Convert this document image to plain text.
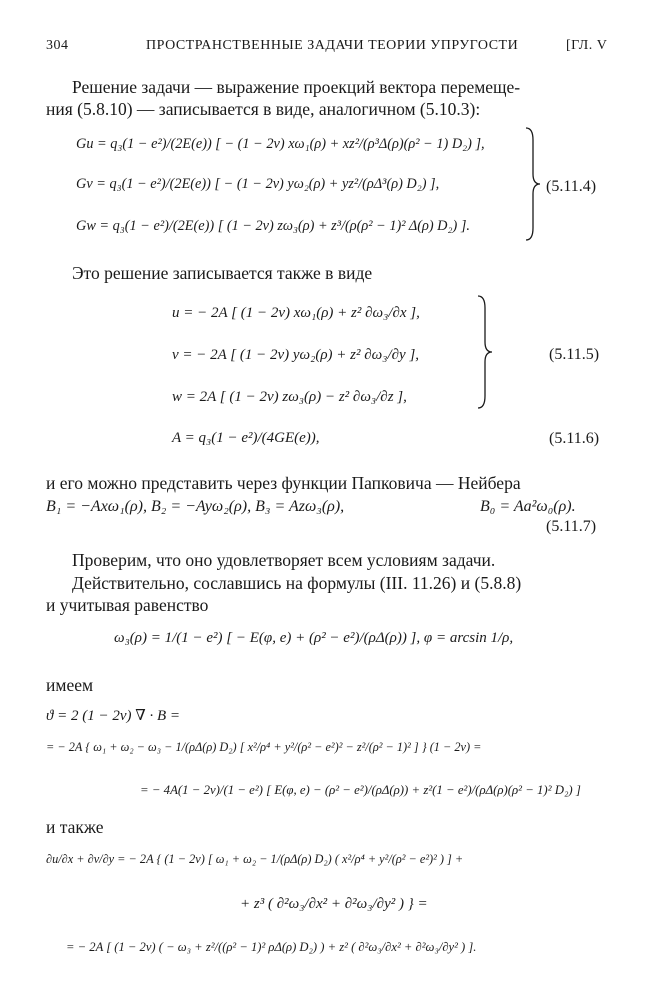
304	ПРОСТРАНСТВЕННЫЕ ЗАДАЧИ ТЕОРИИ УПРУГОСТИ	[ГЛ. V
Решение задачи — выражение проекций вектора перемеще-
ния (5.8.10) — записывается в виде, аналогичном (5.10.3):
Gu = q₃(1 − e²)/(2E(e)) [ − (1 − 2ν) xω₁(ρ) + xz²/(ρ³Δ(ρ)(ρ² − 1) D₂) ],
Gv = q₃(1 − e²)/(2E(e)) [ − (1 − 2ν) yω₂(ρ) + yz²/(ρΔ³(ρ) D₂) ],
Gw = q₃(1 − e²)/(2E(e)) [ (1 − 2ν) zω₃(ρ) + z³/(ρ(ρ² − 1)² Δ(ρ) D₂) ].
(5.11.4)
Это решение записывается также в виде
u = − 2A [ (1 − 2ν) xω₁(ρ) + z² ∂ω₃/∂x ],
v = − 2A [ (1 − 2ν) yω₂(ρ) + z² ∂ω₃/∂y ],
w = 2A [ (1 − 2ν) zω₃(ρ) − z² ∂ω₃/∂z ],
(5.11.5)
A = q₃(1 − e²)/(4GE(e)),	(5.11.6)
и его можно представить через функции Папковича — Нейбера
B₁ = −Axω₁(ρ), B₂ = −Ayω₂(ρ), B₃ = Azω₃(ρ),	B₀ = Aa²ω₀(ρ).
(5.11.7)
Проверим, что оно удовлетворяет всем условиям задачи.
Действительно, сославшись на формулы (III. 11.26) и (5.8.8)
и учитывая равенство
ω₃(ρ) = 1/(1 − e²) [ − E(φ, e) + (ρ² − e²)/(ρΔ(ρ)) ], φ = arcsin 1/ρ,
имеем
ϑ = 2 (1 − 2ν) ∇ · B =
= − 2A { ω₁ + ω₂ − ω₃ − 1/(ρΔ(ρ) D₂) [ x²/ρ⁴ + y²/(ρ² − e²)² − z²/(ρ² − 1)² ] } (1 − 2ν) =
= − 4A(1 − 2ν)/(1 − e²) [ E(φ, e) − (ρ² − e²)/(ρΔ(ρ)) + z²(1 − e²)/(ρΔ(ρ)(ρ² − 1)² D₂) ]
и также
∂u/∂x + ∂v/∂y = − 2A { (1 − 2ν) [ ω₁ + ω₂ − 1/(ρΔ(ρ) D₂) ( x²/ρ⁴ + y²/(ρ² − e²)² ) ] +
+ z³ ( ∂²ω₃/∂x² + ∂²ω₃/∂y² ) } =
= − 2A [ (1 − 2ν) ( − ω₃ + z²/((ρ² − 1)² ρΔ(ρ) D₂) ) + z² ( ∂²ω₃/∂x² + ∂²ω₃/∂y² ) ].
